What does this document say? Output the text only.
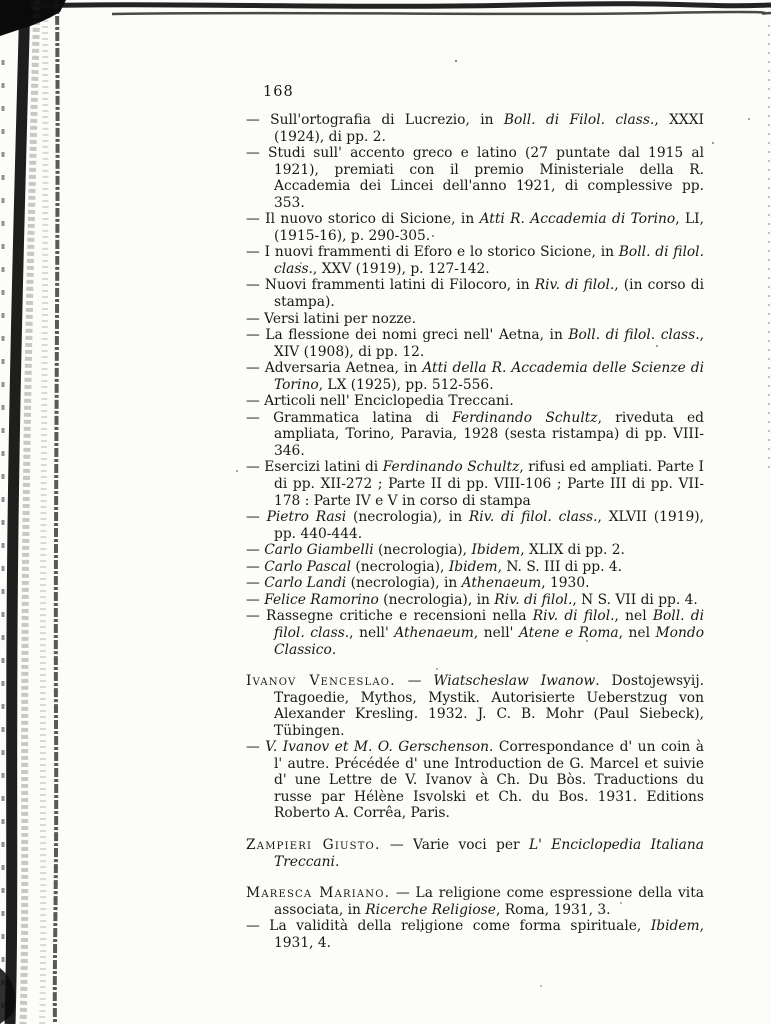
168

— Sull'ortografia di Lucrezio, in Boll. di Filol. class., XXXI (1924), di pp. 2.

— Studi sull' accento greco e latino (27 puntate dal 1915 al 1921), premiati con il premio Ministeriale della R. Accademia dei Lincei dell'anno 1921, di complessive pp. 353.

— Il nuovo storico di Sicione, in Atti R. Accademia di Torino, LI, (1915-16), p. 290-305.

— I nuovi frammenti di Eforo e lo storico Sicione, in Boll. di filol. class., XXV (1919), p. 127-142.

— Nuovi frammenti latini di Filocoro, in Riv. di filol., (in corso di stampa).

— Versi latini per nozze.

— La flessione dei nomi greci nell' Aetna, in Boll. di filol. class., XIV (1908), di pp. 12.

— Adversaria Aetnea, in Atti della R. Accademia delle Scienze di Torino, LX (1925), pp. 512-556.

— Articoli nell' Enciclopedia Treccani.

— Grammatica latina di Ferdinando Schultz, riveduta ed ampliata, Torino, Paravia, 1928 (sesta ristampa) di pp. VIII-346.

— Esercizi latini di Ferdinando Schultz, rifusi ed ampliati. Parte I di pp. XII-272 ; Parte II di pp. VIII-106 ; Parte III di pp. VII-178 : Parte IV e V in corso di stampa

— Pietro Rasi (necrologia), in Riv. di filol. class., XLVII (1919), pp. 440-444.

— Carlo Giambelli (necrologia), Ibidem, XLIX di pp. 2.

— Carlo Pascal (necrologia), Ibidem, N. S. III di pp. 4.

— Carlo Landi (necrologia), in Athenaeum, 1930.

— Felice Ramorino (necrologia), in Riv. di filol., N S. VII di pp. 4.

— Rassegne critiche e recensioni nella Riv. di filol., nel Boll. di filol. class., nell' Athenaeum, nell' Atene e Roma, nel Mondo Classico.

Ivanov Venceslao. — Wiatscheslaw Iwanow. Dostojewsyij. Tragoedie, Mythos, Mystik. Autorisierte Ueberstzug von Alexander Kresling. 1932. J. C. B. Mohr (Paul Siebeck), Tübingen.

— V. Ivanov et M. O. Gerschenson. Correspondance d' un coin à l' autre. Précédée d' une Introduction de G. Marcel et suivie d' une Lettre de V. Ivanov à Ch. Du Bòs. Traductions du russe par Hélène Isvolski et Ch. du Bos. 1931. Editions Roberto A. Corrêa, Paris.

Zampieri Giusto. — Varie voci per L' Enciclopedia Italiana Treccani.

Maresca Mariano. — La religione come espressione della vita associata, in Ricerche Religiose, Roma, 1931, 3.

— La validità della religione come forma spirituale, Ibidem, 1931, 4.
